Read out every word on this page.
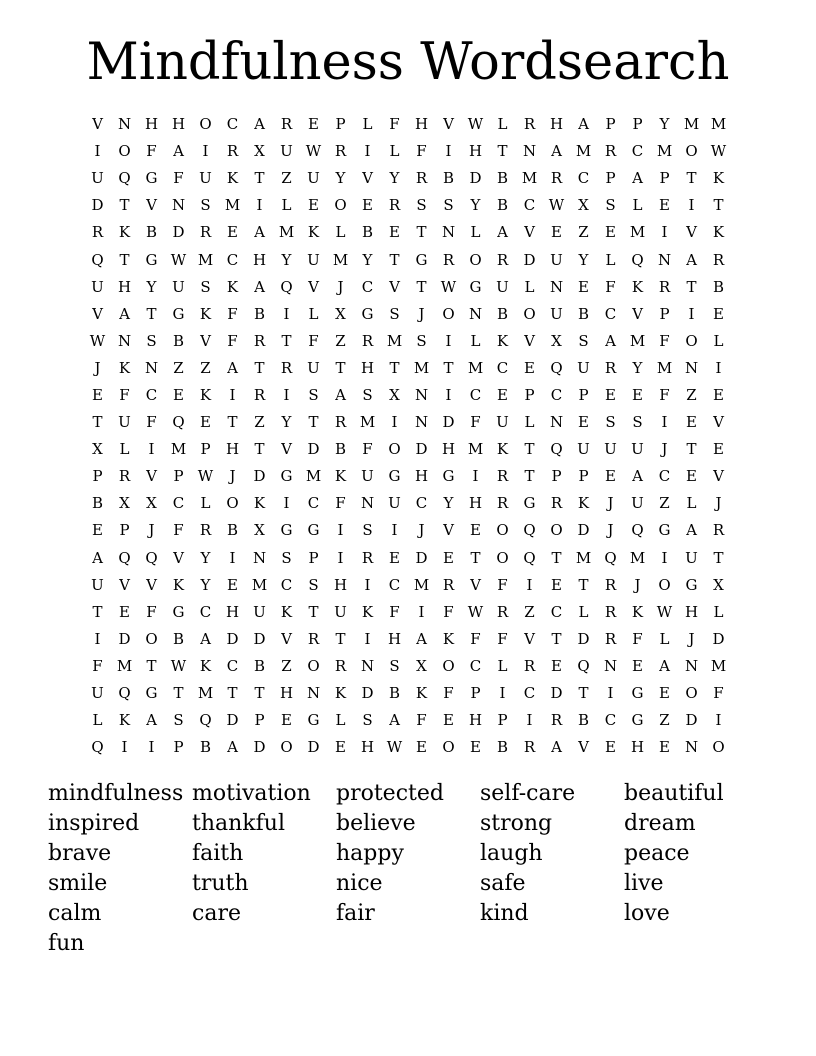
Mindfulness Wordsearch
V	N H H O	C	A	R	E	P	L	F	H	V W L	R H	A	P	P	Y M M
I	O	F	A	I	R	X	U W R	I	L	F	I	H	T	N	A M R	C M O W
U Q G	F	U	K	T	Z	U	Y	V	Y	R	B	D	B M R	C	P	A	P	T	K
D	T	V	N	S M	I	L	E	O	E	R	S	S	Y	B	C W X	S	L	E	I	T
R	K	B	D	R	E	A M K	L	B	E	T	N	L	A	V	E	Z	E M	I	V	K
Q	T	G W M C H	Y	U M Y	T	G	R	O	R	D U	Y	L	Q N	A	R
U H	Y	U	S	K	A	Q	V	J	C	V	T W G U	L	N E	F	K	R	T	B
V	A	T	G	K	F	B	I	L	X	G	S	J	O N B	O U	B	C	V	P	I	E
W N	S	B	V	F	R	T	F	Z	R M S	I	L	K	V	X	S	A M F	O	L
J	K N	Z	Z	A	T	R	U	T	H	T M T M C	E	Q U	R	Y M N	I
E	F	C	E	K	I	R	I	S	A	S	X	N	I	C	E	P	C	P	E	E	F	Z	E
T	U	F	Q	E	T	Z	Y	T	R M	I	N D	F	U	L	N E	S	S	I	E	V
X	L	I	M P	H	T	V	D	B	F	O D H M K	T	Q U U U	J	T	E
P	R	V	P W	J	D G M K	U G H G	I	R	T	P	P	E	A	C	E	V
B	X	X	C	L	O	K	I	C	F	N U C	Y	H R	G	R	K	J	U	Z	L	J
E	P	J	F	R	B	X	G	G	I	S	I	J	V	E	O Q O D	J	Q G	A	R
A	Q Q	V	Y	I	N	S	P	I	R	E	D	E	T	O Q	T M Q M	I	U	T
U	V	V	K	Y	E M C	S	H	I	C M R	V	F	I	E	T	R	J	O G	X
T	E	F	G	C H U	K	T	U	K	F	I	F W R	Z	C	L	R	K W H	L
I	D O	B	A	D D	V	R	T	I	H	A	K	F	F	V	T	D	R	F	L	J	D
F M T W K	C	B	Z	O	R N	S	X	O	C	L	R	E	Q N E	A	N M
U Q G	T M T	T	H N K	D	B	K	F	P	I	C	D	T	I	G	E	O	F
L	K	A	S	Q D	P	E	G	L	S	A	F	E H	P	I	R	B	C	G	Z	D	I
Q	I	I	P	B	A	D O D	E H W E	O	E	B	R	A	V	E H E N O
mindfulness motivation	protected	self-care	beautiful
inspired	thankful	believe	strong	dream
brave	faith	happy	laugh	peace
smile	truth	nice	safe	live
calm	care	fair	kind	love
fun
